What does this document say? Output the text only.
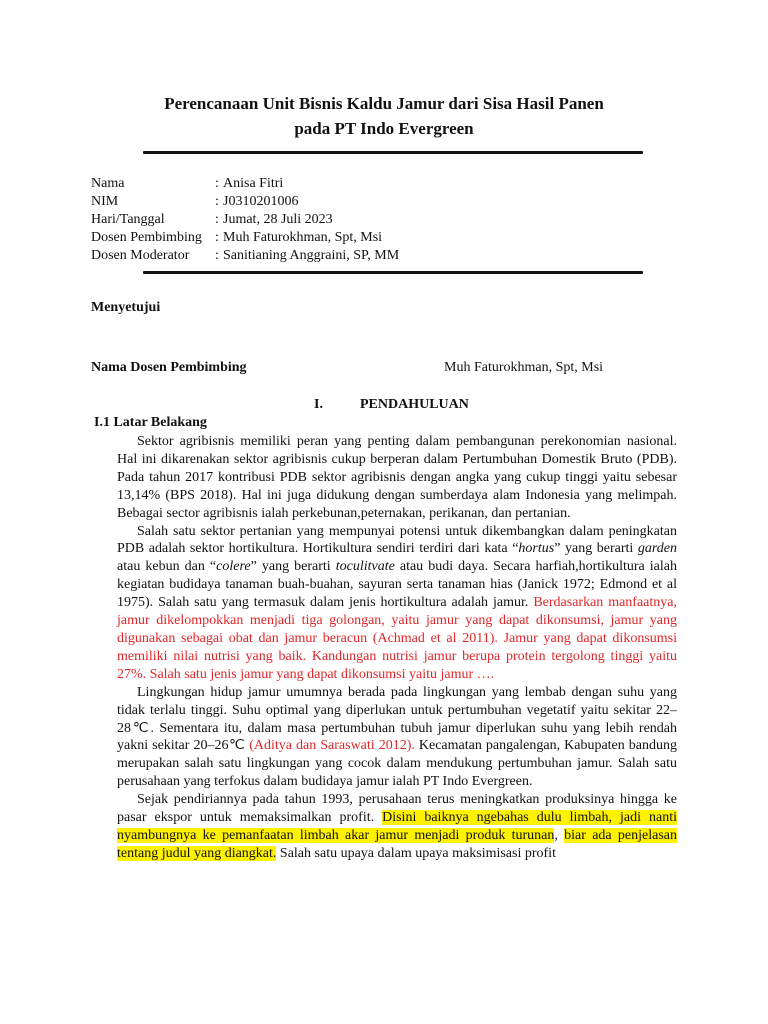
Perencanaan Unit Bisnis Kaldu Jamur dari Sisa Hasil Panen
pada PT Indo Evergreen
Nama	: Anisa Fitri
NIM	: J0310201006
Hari/Tanggal	: Jumat, 28 Juli 2023
Dosen Pembimbing : Muh Faturokhman, Spt, Msi
Dosen Moderator	: Sanitianing Anggraini, SP, MM
Menyetujui
Nama Dosen Pembimbing	Muh Faturokhman, Spt, Msi
I.	PENDAHULUAN
I.1 Latar Belakang

Sektor agribisnis memiliki peran yang penting dalam pembangunan perekonomian nasional. Hal ini dikarenakan sektor agribisnis cukup berperan dalam Pertumbuhan Domestik Bruto (PDB). Pada tahun 2017 kontribusi PDB sektor agribisnis dengan angka yang cukup tinggi yaitu sebesar 13,14% (BPS 2018). Hal ini juga didukung dengan sumberdaya alam Indonesia yang melimpah. Bebagai sector agribisnis ialah perkebunan,peternakan, perikanan, dan pertanian.

Salah satu sektor pertanian yang mempunyai potensi untuk dikembangkan dalam peningkatan PDB adalah sektor hortikultura. Hortikultura sendiri terdiri dari kata “hortus” yang berarti garden atau kebun dan “colere” yang berarti toculitvate atau budi daya. Secara harfiah,hortikultura ialah kegiatan budidaya tanaman buah-buahan, sayuran serta tanaman hias (Janick 1972; Edmond et al 1975). Salah satu yang termasuk dalam jenis hortikultura adalah jamur. Berdasarkan manfaatnya, jamur dikelompokkan menjadi tiga golongan, yaitu jamur yang dapat dikonsumsi, jamur yang digunakan sebagai obat dan jamur beracun (Achmad et al 2011). Jamur yang dapat dikonsumsi memiliki nilai nutrisi yang baik. Kandungan nutrisi jamur berupa protein tergolong tinggi yaitu 27%. Salah satu jenis jamur yang dapat dikonsumsi yaitu jamur ….

Lingkungan hidup jamur umumnya berada pada lingkungan yang lembab dengan suhu yang tidak terlalu tinggi. Suhu optimal yang diperlukan untuk pertumbuhan vegetatif yaitu sekitar 22–28℃. Sementara itu, dalam masa pertumbuhan tubuh jamur diperlukan suhu yang lebih rendah yakni sekitar 20–26℃ (Aditya dan Saraswati 2012). Kecamatan pangalengan, Kabupaten bandung merupakan salah satu lingkungan yang cocok dalam mendukung pertumbuhan jamur. Salah satu perusahaan yang terfokus dalam budidaya jamur ialah PT Indo Evergreen.

Sejak pendiriannya pada tahun 1993, perusahaan terus meningkatkan produksinya hingga ke pasar ekspor untuk memaksimalkan profit. Disini baiknya ngebahas dulu limbah, jadi nanti nyambungnya ke pemanfaatan limbah akar jamur menjadi produk turunan, biar ada penjelasan tentang judul yang diangkat. Salah satu upaya dalam upaya maksimisasi profit
